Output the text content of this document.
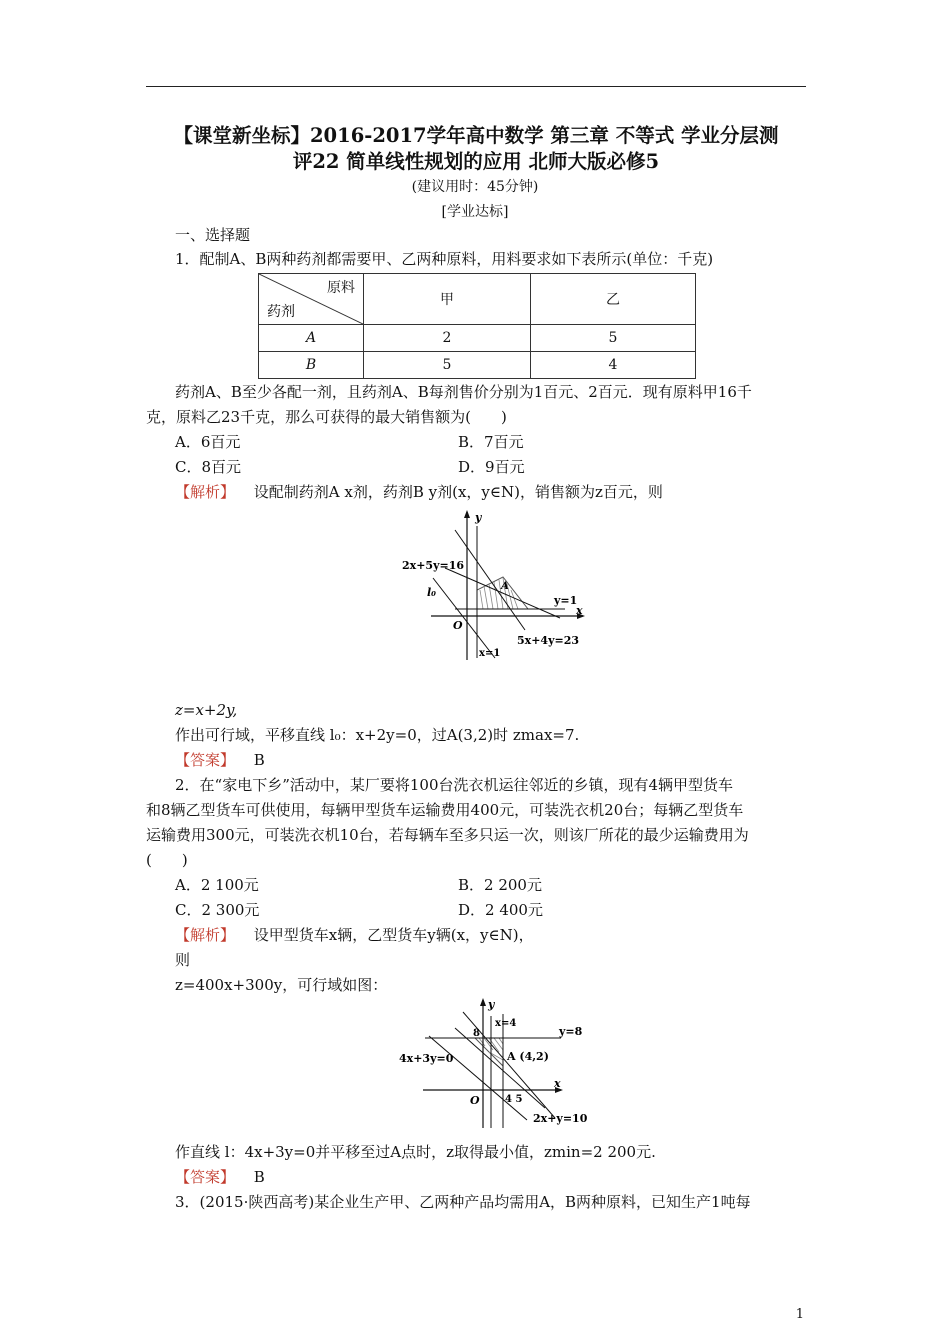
【课堂新坐标】2016-2017学年高中数学 第三章 不等式 学业分层测
评22 简单线性规划的应用 北师大版必修5
(建议用时：45分钟)
[学业达标]
一、选择题
1．配制A、B两种药剂都需要甲、乙两种原料，用料要求如下表所示(单位：千克)
原料
药剂	甲	乙
A	2	5
B	5	4
药剂A、B至少各配一剂，且药剂A、B每剂售价分别为1百元、2百元．现有原料甲16千
克，原料乙23千克，那么可获得的最大销售额为(　　)
A．6百元	B．7百元
C．8百元	D．9百元
【解析】 设配制药剂A x剂，药剂B y剂(x，y∈N)，销售额为z百元，则
y
x
O
A
2x+5y=16
l₀
y=1
5x+4y=23
x=1
z=x+2y,
作出可行域，平移直线 l₀：x+2y=0，过A(3,2)时 zmax=7.
【答案】 B
2．在“家电下乡”活动中，某厂要将100台洗衣机运往邻近的乡镇，现有4辆甲型货车
和8辆乙型货车可供使用，每辆甲型货车运输费用400元，可装洗衣机20台；每辆乙型货车
运输费用300元，可装洗衣机10台，若每辆车至多只运一次，则该厂所花的最少运输费用为
(　　)
A．2 100元	B．2 200元
C．2 300元	D．2 400元
【解析】 设甲型货车x辆，乙型货车y辆(x，y∈N)，
则
z=400x+300y，可行域如图：
y
x
O
8
x=4
y=8
A (4,2)
4x+3y=0
4 5
2x+y=10
作直线 l：4x+3y=0并平移至过A点时，z取得最小值，zmin=2 200元.
【答案】 B
3．(2015·陕西高考)某企业生产甲、乙两种产品均需用A，B两种原料，已知生产1吨每
1
